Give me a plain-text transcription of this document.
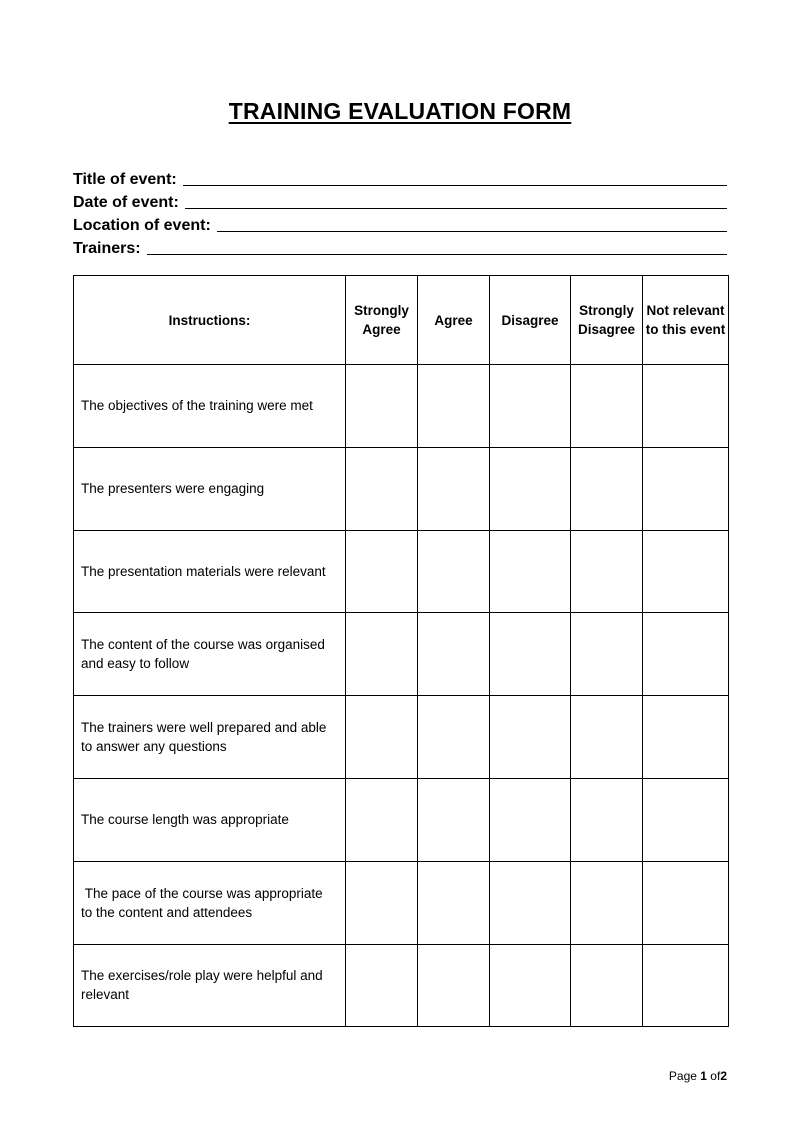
TRAINING EVALUATION FORM
Title of event:
Date of event:
Location of event:
Trainers:
Instructions:	Strongly Agree	Agree	Disagree	Strongly Disagree	Not relevant to this event
The objectives of the training were met					
The presenters were engaging					
The presentation materials were relevant					
The content of the course was organised and easy to follow					
The trainers were well prepared and able to answer any questions					
The course length was appropriate					
The pace of the course was appropriate to the content and attendees					
The exercises/role play were helpful and relevant					
Page 1 of2
